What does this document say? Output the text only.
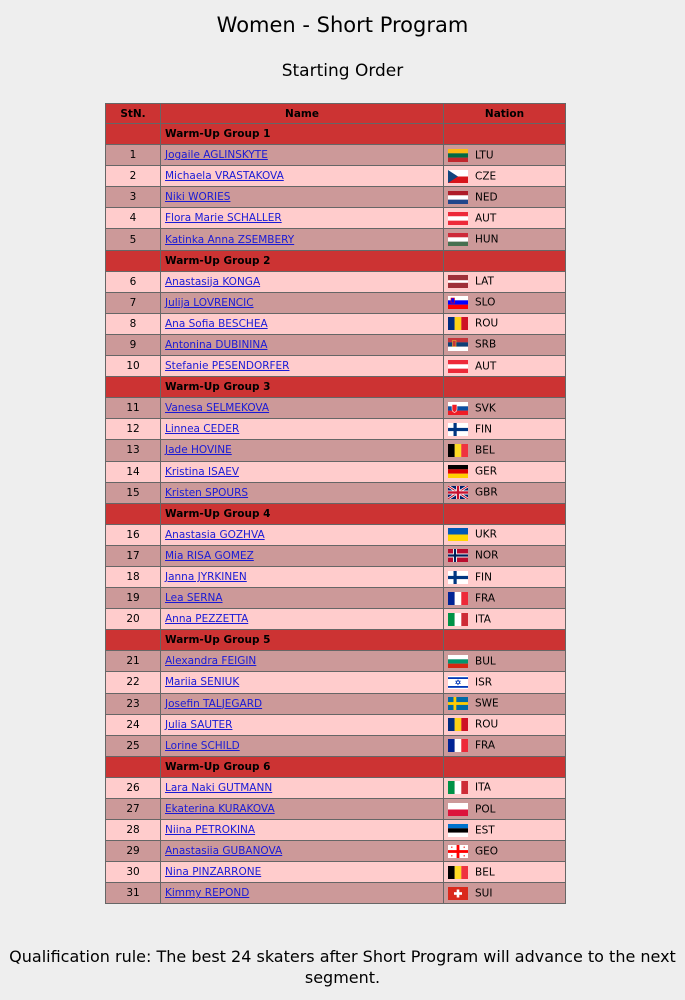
Women - Short Program
Starting Order
StN.	Name	Nation
	Warm-Up Group 1	
1	Jogaile AGLINSKYTE	LTU
2	Michaela VRASTAKOVA	CZE
3	Niki WORIES	NED
4	Flora Marie SCHALLER	AUT
5	Katinka Anna ZSEMBERY	HUN
	Warm-Up Group 2	
6	Anastasija KONGA	LAT
7	Julija LOVRENCIC	SLO
8	Ana Sofia BESCHEA	ROU
9	Antonina DUBININA	SRB
10	Stefanie PESENDORFER	AUT
	Warm-Up Group 3	
11	Vanesa SELMEKOVA	SVK
12	Linnea CEDER	FIN
13	Jade HOVINE	BEL
14	Kristina ISAEV	GER
15	Kristen SPOURS	GBR
	Warm-Up Group 4	
16	Anastasia GOZHVA	UKR
17	Mia RISA GOMEZ	NOR
18	Janna JYRKINEN	FIN
19	Lea SERNA	FRA
20	Anna PEZZETTA	ITA
	Warm-Up Group 5	
21	Alexandra FEIGIN	BUL
22	Mariia SENIUK	ISR
23	Josefin TALJEGARD	SWE
24	Julia SAUTER	ROU
25	Lorine SCHILD	FRA
	Warm-Up Group 6	
26	Lara Naki GUTMANN	ITA
27	Ekaterina KURAKOVA	POL
28	Niina PETROKINA	EST
29	Anastasiia GUBANOVA	GEO
30	Nina PINZARRONE	BEL
31	Kimmy REPOND	SUI
Qualification rule: The best 24 skaters after Short Program will advance to the next segment.
